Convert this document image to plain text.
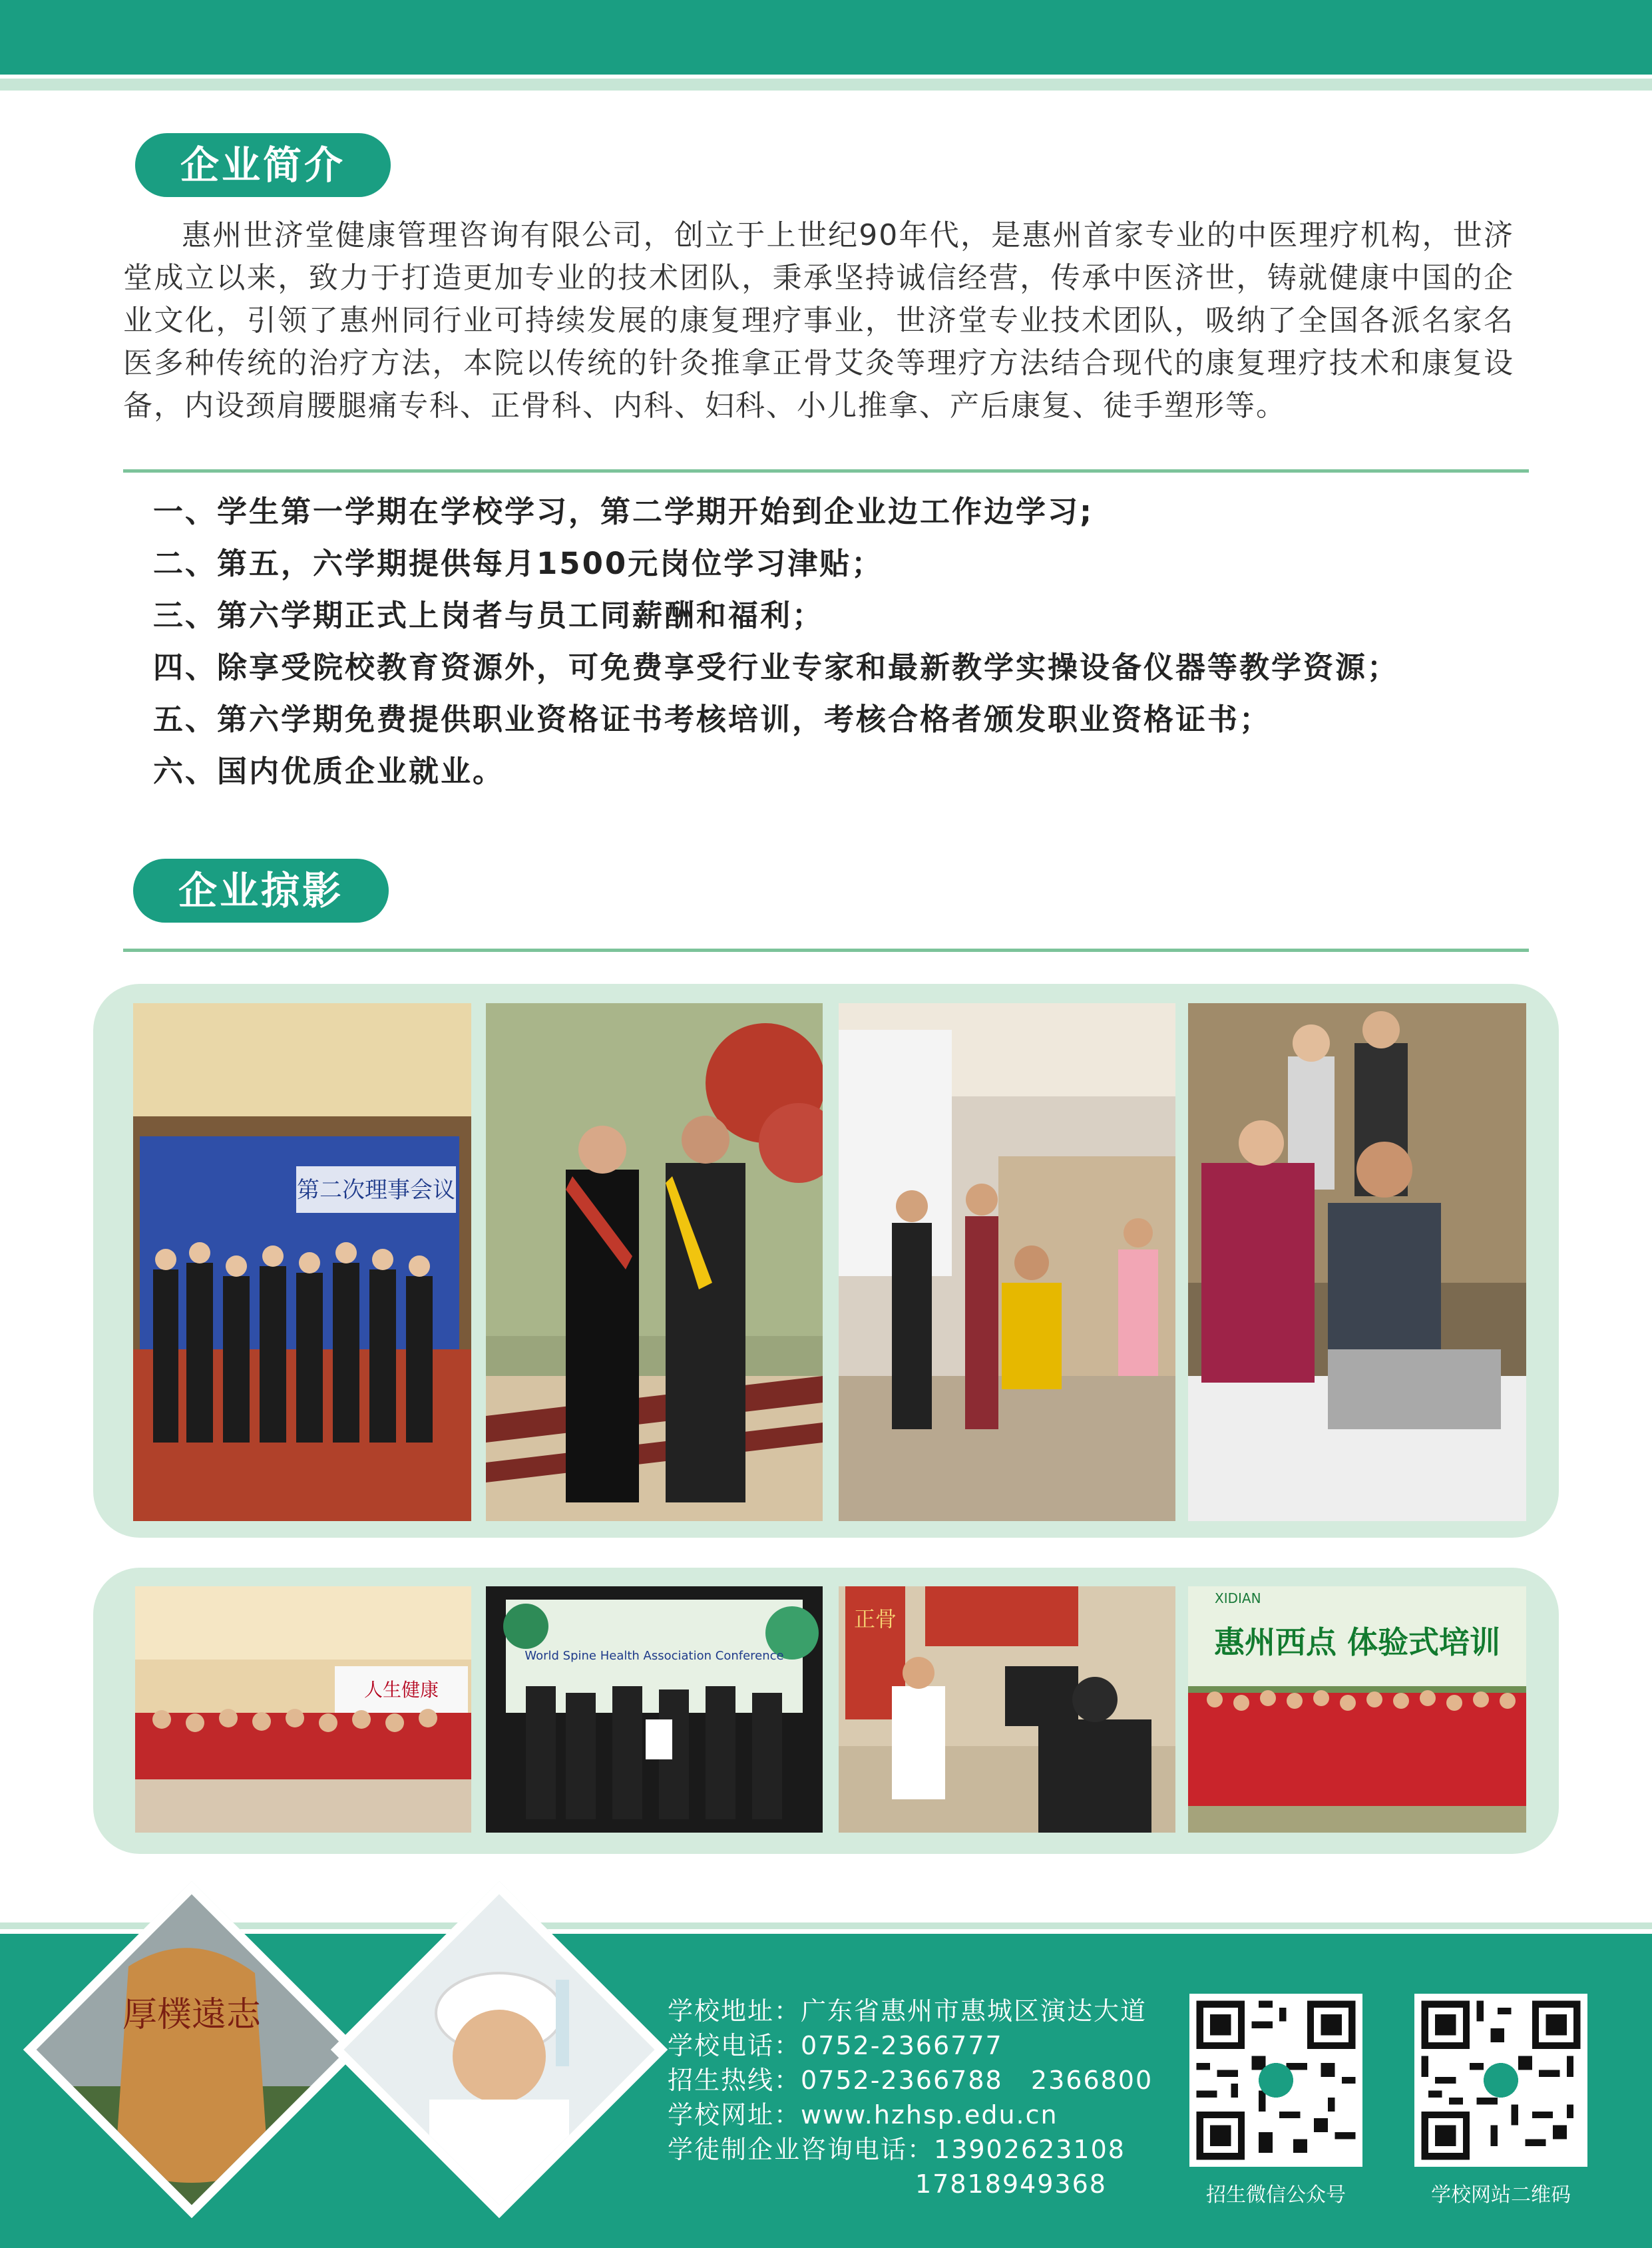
企业简介
惠州世济堂健康管理咨询有限公司，创立于上世纪90年代，是惠州首家专业的中医理疗机构，世济堂成立以来，致力于打造更加专业的技术团队，秉承坚持诚信经营，传承中医济世，铸就健康中国的企业文化，引领了惠州同行业可持续发展的康复理疗事业，世济堂专业技术团队，吸纳了全国各派名家名医多种传统的治疗方法，本院以传统的针灸推拿正骨艾灸等理疗方法结合现代的康复理疗技术和康复设备，内设颈肩腰腿痛专科、正骨科、内科、妇科、小儿推拿、产后康复、徒手塑形等。
一、学生第一学期在学校学习，第二学期开始到企业边工作边学习;
二、第五，六学期提供每月1500元岗位学习津贴；
三、第六学期正式上岗者与员工同薪酬和福利；
四、除享受院校教育资源外，可免费享受行业专家和最新教学实操设备仪器等教学资源；
五、第六学期免费提供职业资格证书考核培训，考核合格者颁发职业资格证书；
六、国内优质企业就业。
企业掠影
第二次理事会议
人生健康
World Spine Health Association Conference
正骨
XIDIAN
惠州西点 体验式培训
厚樸遠志	学校地址：广东省惠州市惠城区演达大道
学校电话：0752-2366777
招生热线：0752-2366788   2366800
学校网址：www.hzhsp.edu.cn
学徒制企业咨询电话：13902623108
17818949368	招生微信公众号	学校网站二维码
